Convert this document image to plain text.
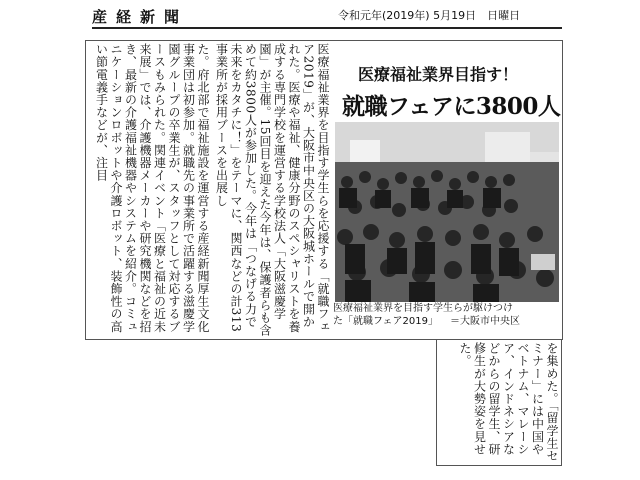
産経新聞	令和元年(2019年) 5月19日　日曜日
医療福祉業界を目指す学生らを応援する「就職フェア2019」が、大阪市中央区の大阪城ホールで開かれた。医療や福祉、健康分野のスペシャリストを養成する専門学校を運営する学校法人「大阪滋慶学園」が主催。15回目を迎えた今年は、保護者らも含めて約3800人が参加した。今年は「つなげる力で未来をカタチに！」をテーマに、関西などの計313事業所が採用ブースを出展し
た。府北部で福祉施設を運営する産経新聞厚生文化事業団は初参加。就職先の事業所で活躍する滋慶学園グループの卒業生が、スタッフとして対応するブースもみられた。関連イベント「医療と福祉の近未来展」では、介護機器メーカーや研究機関などを招き、最新の介護福祉機器やシステムを紹介。コミュニケーションロボットや介護ロボット、装飾性の高い節電義手などが、注目	医療福祉業界目指す！
就職フェアに3800人
医療福祉業界を目指す学生らが駆けつけ
た「就職フェア2019」 ＝大阪市中央区
を集めた。「留学生セミナー」には中国やベトナム、マレーシア、インドネシアなどからの留学生、研修生が大勢姿を見せた。
